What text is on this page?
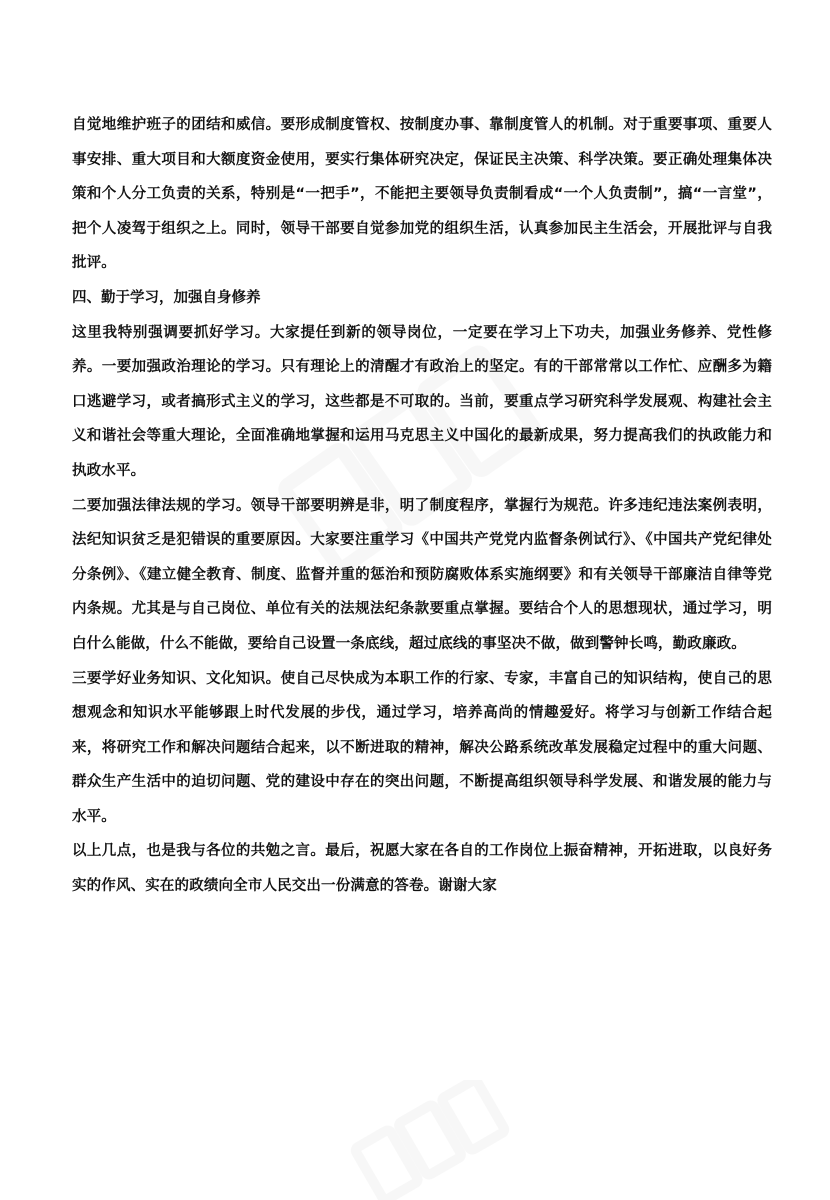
自觉地维护班子的团结和威信。要形成制度管权、按制度办事、靠制度管人的机制。对于重要事项、重要人事安排、重大项目和大额度资金使用，要实行集体研究决定，保证民主决策、科学决策。要正确处理集体决策和个人分工负责的关系，特别是“一把手”，不能把主要领导负责制看成“一个人负责制”，搞“一言堂”，把个人凌驾于组织之上。同时，领导干部要自觉参加党的组织生活，认真参加民主生活会，开展批评与自我批评。

四、勤于学习，加强自身修养

这里我特别强调要抓好学习。大家提任到新的领导岗位，一定要在学习上下功夫，加强业务修养、党性修养。一要加强政治理论的学习。只有理论上的清醒才有政治上的坚定。有的干部常常以工作忙、应酬多为籍口逃避学习，或者搞形式主义的学习，这些都是不可取的。当前，要重点学习研究科学发展观、构建社会主义和谐社会等重大理论，全面准确地掌握和运用马克思主义中国化的最新成果，努力提高我们的执政能力和执政水平。

二要加强法律法规的学习。领导干部要明辨是非，明了制度程序，掌握行为规范。许多违纪违法案例表明，法纪知识贫乏是犯错误的重要原因。大家要注重学习《中国共产党党内监督条例试行》、《中国共产党纪律处分条例》、《建立健全教育、制度、监督并重的惩治和预防腐败体系实施纲要》和有关领导干部廉洁自律等党内条规。尤其是与自己岗位、单位有关的法规法纪条款要重点掌握。要结合个人的思想现状，通过学习，明白什么能做，什么不能做，要给自己设置一条底线，超过底线的事坚决不做，做到警钟长鸣，勤政廉政。

三要学好业务知识、文化知识。使自己尽快成为本职工作的行家、专家，丰富自己的知识结构，使自己的思想观念和知识水平能够跟上时代发展的步伐，通过学习，培养高尚的情趣爱好。将学习与创新工作结合起来，将研究工作和解决问题结合起来，以不断进取的精神，解决公路系统改革发展稳定过程中的重大问题、群众生产生活中的迫切问题、党的建设中存在的突出问题，不断提高组织领导科学发展、和谐发展的能力与水平。

以上几点，也是我与各位的共勉之言。最后，祝愿大家在各自的工作岗位上振奋精神，开拓进取，以良好务实的作风、实在的政绩向全市人民交出一份满意的答卷。谢谢大家
